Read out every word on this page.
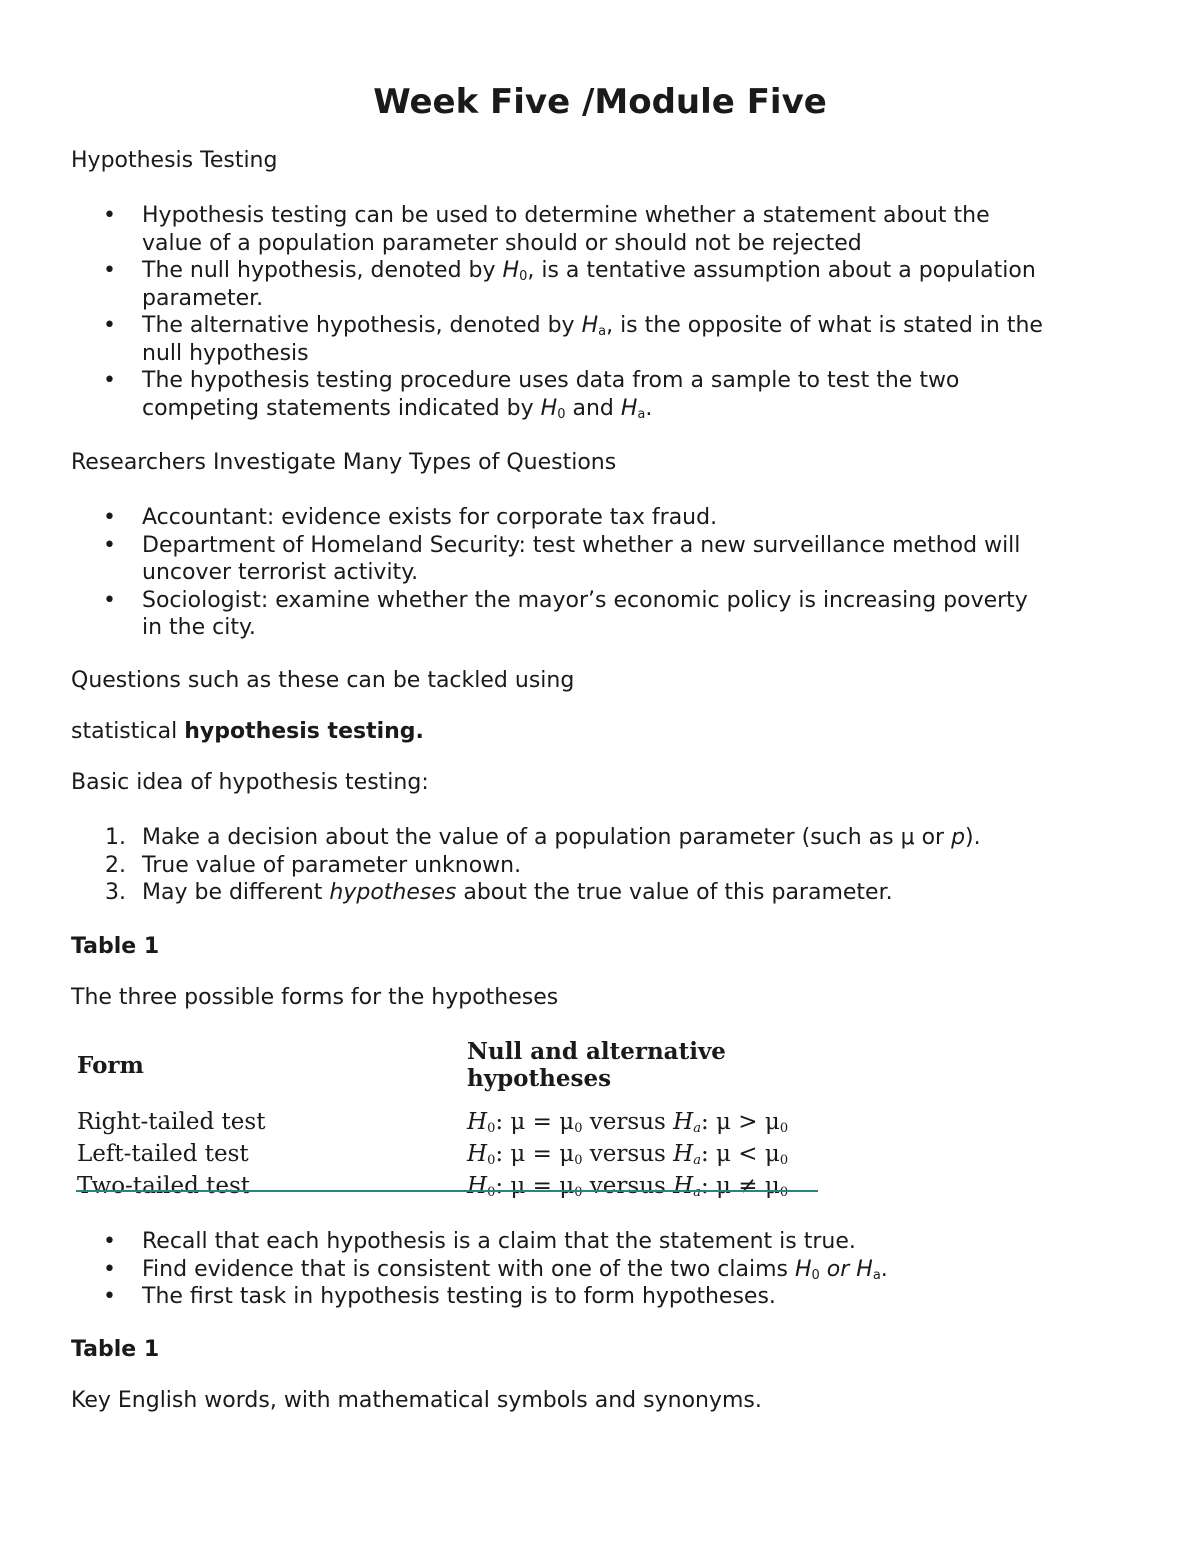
Week Five /Module Five
Hypothesis Testing
• Hypothesis testing can be used to determine whether a statement about the
value of a population parameter should or should not be rejected
• The null hypothesis, denoted by $H_0$, is a tentative assumption about a population
parameter.
• The alternative hypothesis, denoted by $H_a$, is the opposite of what is stated in the
null hypothesis
• The hypothesis testing procedure uses data from a sample to test the two
competing statements indicated by $H_0$ and $H_a$.
Researchers Investigate Many Types of Questions
• Accountant: evidence exists for corporate tax fraud.
• Department of Homeland Security: test whether a new surveillance method will
uncover terrorist activity.
• Sociologist: examine whether the mayor’s economic policy is increasing poverty
in the city.
Questions such as these can be tackled using
statistical hypothesis testing.
Basic idea of hypothesis testing:
1. Make a decision about the value of a population parameter (such as μ or p).
2. True value of parameter unknown.
3. May be different hypotheses about the true value of this parameter.
Table 1
The three possible forms for the hypotheses
Form	Null and alternative hypotheses
Right-tailed test	$H_0$: $\mu = \mu_0$ versus $H_a$: $\mu > \mu_0$
Left-tailed test	$H_0$: $\mu = \mu_0$ versus $H_a$: $\mu < \mu_0$
Two-tailed test	$H_0$: $\mu = \mu_0$ versus $H_a$: $\mu \ne \mu_0$
• Recall that each hypothesis is a claim that the statement is true.
• Find evidence that is consistent with one of the two claims $H_0$ or $H_a$.
• The first task in hypothesis testing is to form hypotheses.
Table 1
Key English words, with mathematical symbols and synonyms.
